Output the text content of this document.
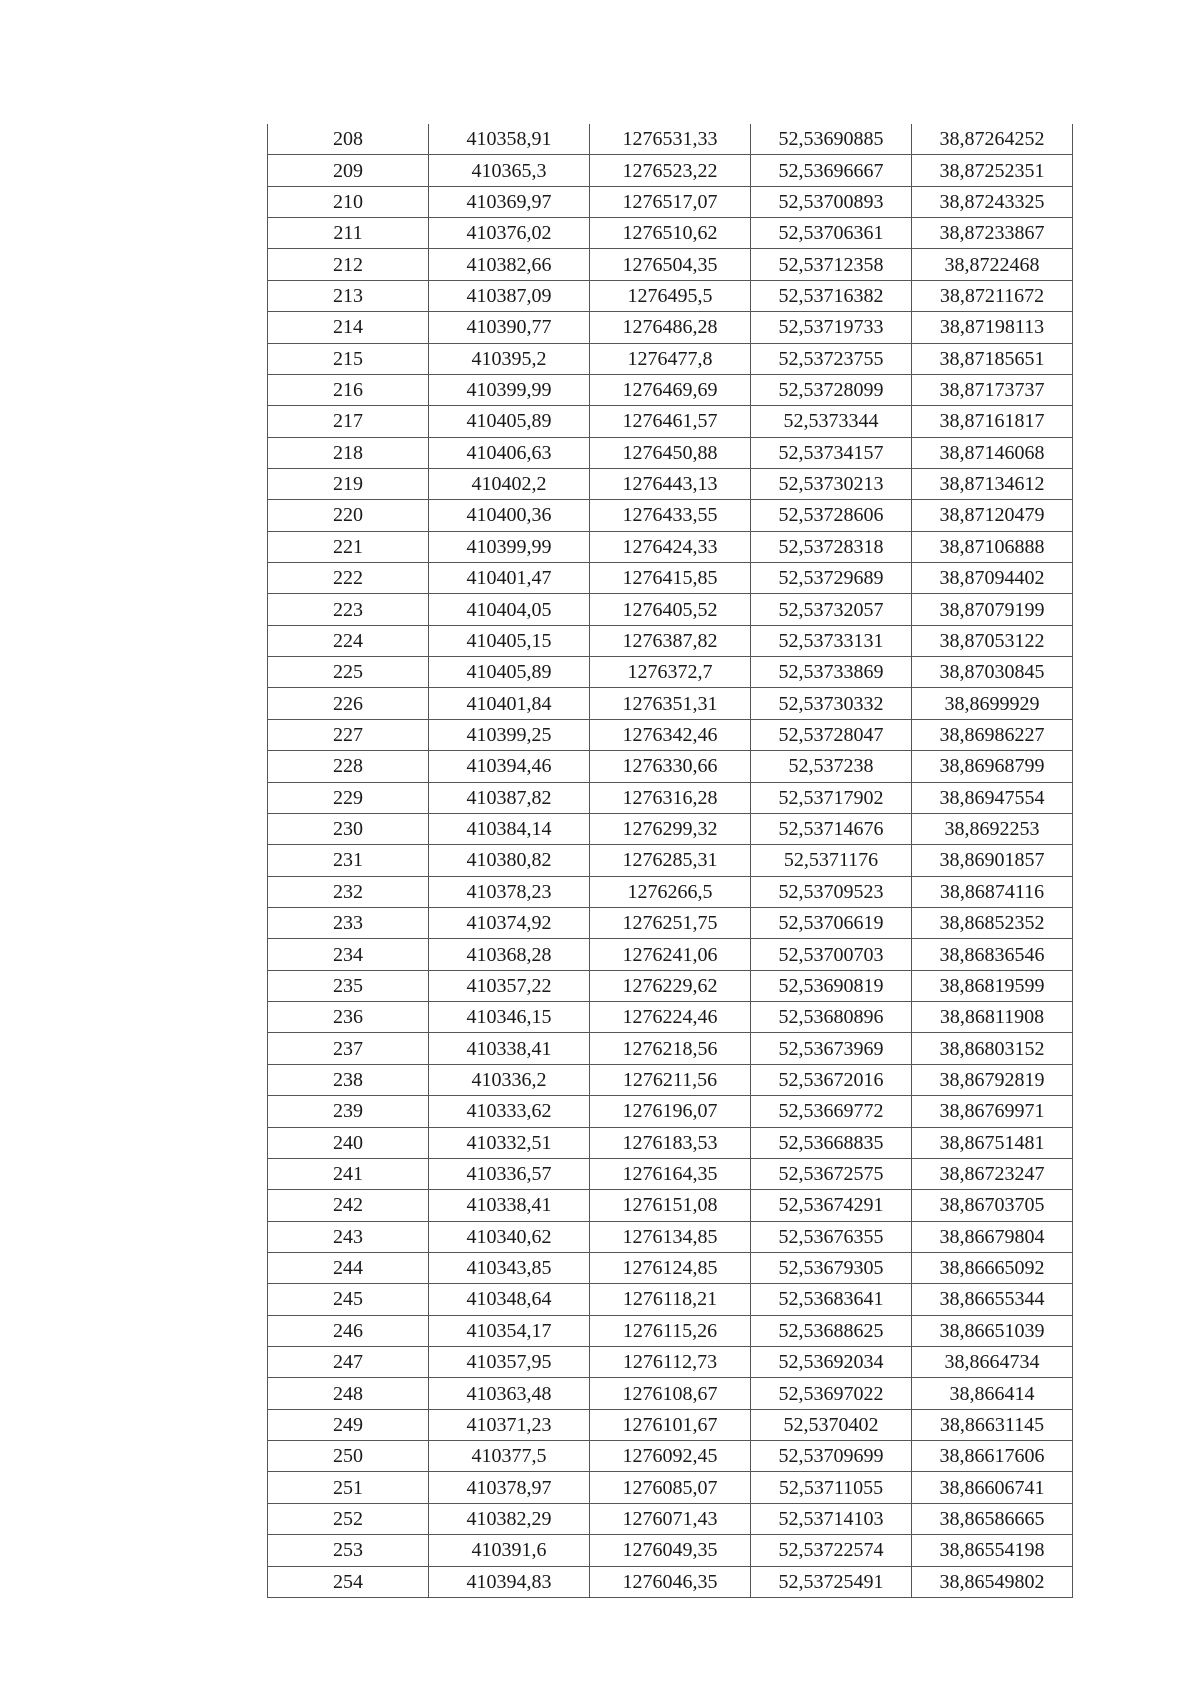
208	410358,91	1276531,33	52,53690885	38,87264252
209	410365,3	1276523,22	52,53696667	38,87252351
210	410369,97	1276517,07	52,53700893	38,87243325
211	410376,02	1276510,62	52,53706361	38,87233867
212	410382,66	1276504,35	52,53712358	38,8722468
213	410387,09	1276495,5	52,53716382	38,87211672
214	410390,77	1276486,28	52,53719733	38,87198113
215	410395,2	1276477,8	52,53723755	38,87185651
216	410399,99	1276469,69	52,53728099	38,87173737
217	410405,89	1276461,57	52,5373344	38,87161817
218	410406,63	1276450,88	52,53734157	38,87146068
219	410402,2	1276443,13	52,53730213	38,87134612
220	410400,36	1276433,55	52,53728606	38,87120479
221	410399,99	1276424,33	52,53728318	38,87106888
222	410401,47	1276415,85	52,53729689	38,87094402
223	410404,05	1276405,52	52,53732057	38,87079199
224	410405,15	1276387,82	52,53733131	38,87053122
225	410405,89	1276372,7	52,53733869	38,87030845
226	410401,84	1276351,31	52,53730332	38,8699929
227	410399,25	1276342,46	52,53728047	38,86986227
228	410394,46	1276330,66	52,537238	38,86968799
229	410387,82	1276316,28	52,53717902	38,86947554
230	410384,14	1276299,32	52,53714676	38,8692253
231	410380,82	1276285,31	52,5371176	38,86901857
232	410378,23	1276266,5	52,53709523	38,86874116
233	410374,92	1276251,75	52,53706619	38,86852352
234	410368,28	1276241,06	52,53700703	38,86836546
235	410357,22	1276229,62	52,53690819	38,86819599
236	410346,15	1276224,46	52,53680896	38,86811908
237	410338,41	1276218,56	52,53673969	38,86803152
238	410336,2	1276211,56	52,53672016	38,86792819
239	410333,62	1276196,07	52,53669772	38,86769971
240	410332,51	1276183,53	52,53668835	38,86751481
241	410336,57	1276164,35	52,53672575	38,86723247
242	410338,41	1276151,08	52,53674291	38,86703705
243	410340,62	1276134,85	52,53676355	38,86679804
244	410343,85	1276124,85	52,53679305	38,86665092
245	410348,64	1276118,21	52,53683641	38,86655344
246	410354,17	1276115,26	52,53688625	38,86651039
247	410357,95	1276112,73	52,53692034	38,8664734
248	410363,48	1276108,67	52,53697022	38,866414
249	410371,23	1276101,67	52,5370402	38,86631145
250	410377,5	1276092,45	52,53709699	38,86617606
251	410378,97	1276085,07	52,53711055	38,86606741
252	410382,29	1276071,43	52,53714103	38,86586665
253	410391,6	1276049,35	52,53722574	38,86554198
254	410394,83	1276046,35	52,53725491	38,86549802
